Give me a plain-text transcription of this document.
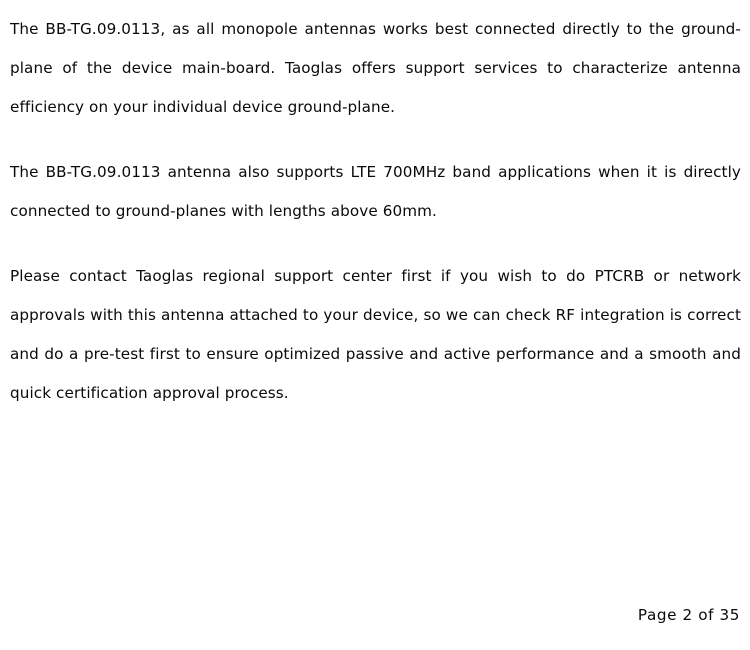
The BB-TG.09.0113, as all monopole antennas works best connected directly to the ground-plane of the device main-board. Taoglas offers support services to characterize antenna efficiency on your individual device ground-plane.

The BB-TG.09.0113 antenna also supports LTE 700MHz band applications when it is directly connected to ground-planes with lengths above 60mm.

Please contact Taoglas regional support center first if you wish to do PTCRB or network approvals with this antenna attached to your device, so we can check RF integration is correct and do a pre-test first to ensure optimized passive and active performance and a smooth and quick certification approval process.

Page 2 of 35
